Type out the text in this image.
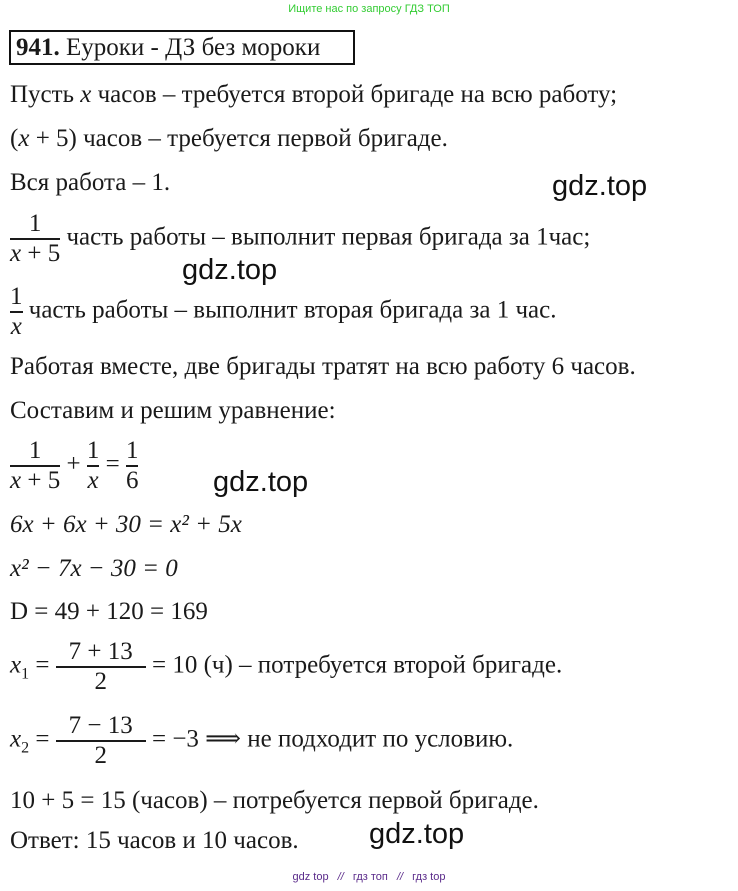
Ищите нас по запросу ГДЗ ТОП
941. Еуроки - ДЗ без мороки
Пусть x часов – требуется второй бригаде на всю работу;
(x + 5) часов – требуется первой бригаде.
Вся работа – 1.	gdz.top
$\frac{1}{x + 5}$ часть работы – выполнит первая бригада за 1час;
gdz.top
$\frac{1}{x}$ часть работы – выполнит вторая бригада за 1 час.
Работая вместе, две бригады тратят на всю работу 6 часов.
Составим и решим уравнение:
$\frac{1}{x + 5} + \frac{1}{x} = \frac{1}{6}$	gdz.top
6x + 6x + 30 = x² + 5x
x² − 7x − 30 = 0
D = 49 + 120 = 169
$x_1 = \frac{7 + 13}{2} = 10$ (ч) – потребуется второй бригаде.
$x_2 = \frac{7 - 13}{2} = -3$ ⟹ не подходит по условию.
10 + 5 = 15 (часов) – потребуется первой бригаде.
Ответ: 15 часов и 10 часов. gdz.top
gdz top // гдз топ // гдз top
